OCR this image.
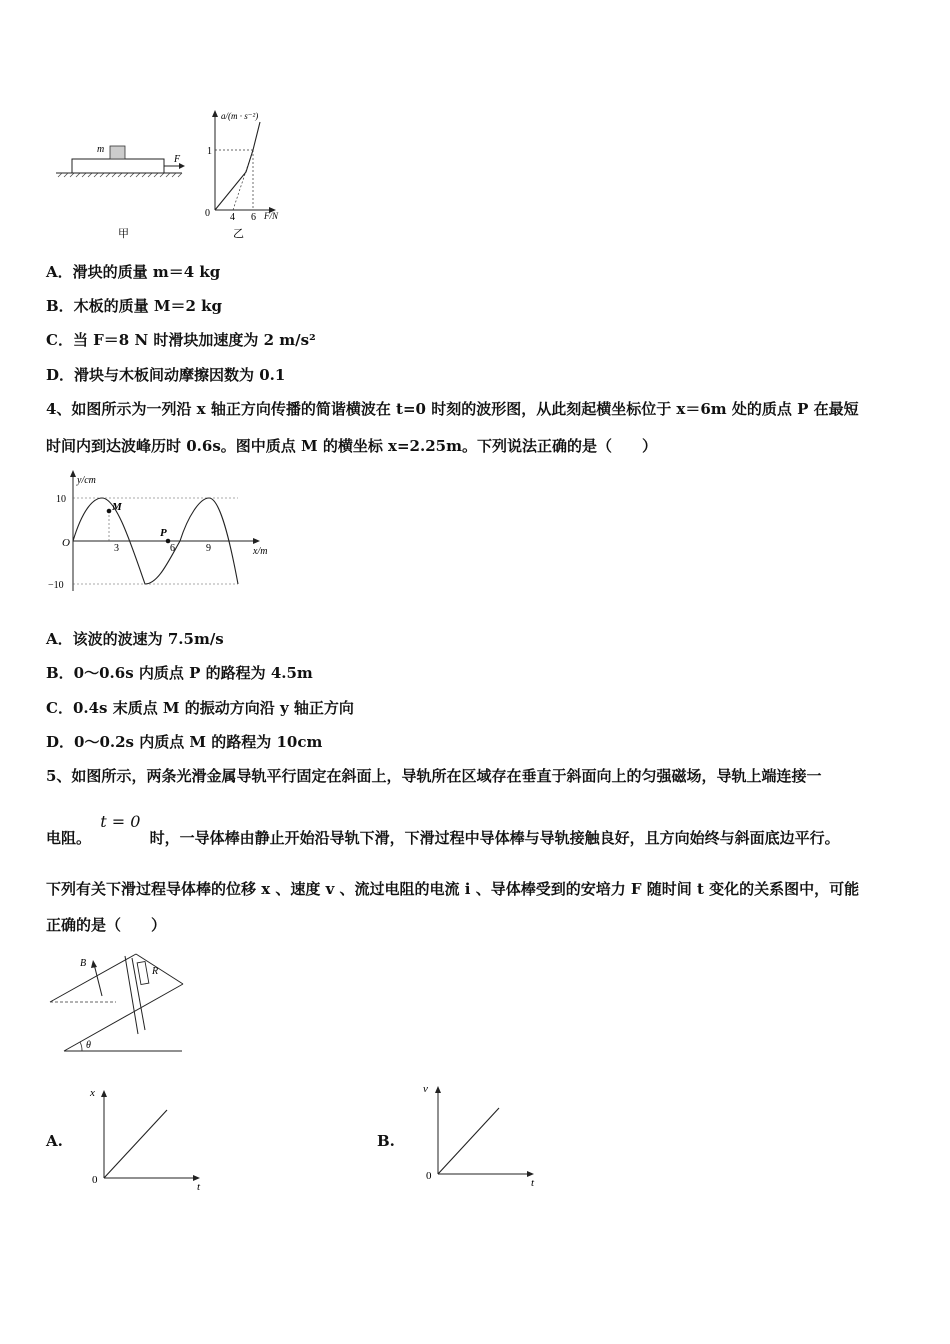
m
F
甲
a/(m · s⁻²)
F/N
0
1
4 6
乙
A．滑块的质量 m＝4 kg
B．木板的质量 M＝2 kg
C．当 F＝8 N 时滑块加速度为 2 m/s²
D．滑块与木板间动摩擦因数为 0.1
4、如图所示为一列沿 x 轴正方向传播的简谐横波在 t=0 时刻的波形图，从此刻起横坐标位于 x＝6m 处的质点 P 在最短
时间内到达波峰历时 0.6s。图中质点 M 的横坐标 x=2.25m。下列说法正确的是（　　）
y/cm
x/m
O
10
−10
3	6	9
M
P
A．该波的波速为 7.5m/s
B．0～0.6s 内质点 P 的路程为 4.5m
C．0.4s 末质点 M 的振动方向沿 y 轴正方向
D．0～0.2s 内质点 M 的路程为 10cm
5、如图所示，两条光滑金属导轨平行固定在斜面上，导轨所在区域存在垂直于斜面向上的匀强磁场，导轨上端连接一
电阻。 t = 0 时，一导体棒由静止开始沿导轨下滑，下滑过程中导体棒与导轨接触良好，且方向始终与斜面底边平行。
下列有关下滑过程导体棒的位移 x 、速度 v 、流过电阻的电流 i 、导体棒受到的安培力 F 随时间 t 变化的关系图中，可能
正确的是（　　）
R
B
θ
A.
x
t
0
B.
v
t
0
